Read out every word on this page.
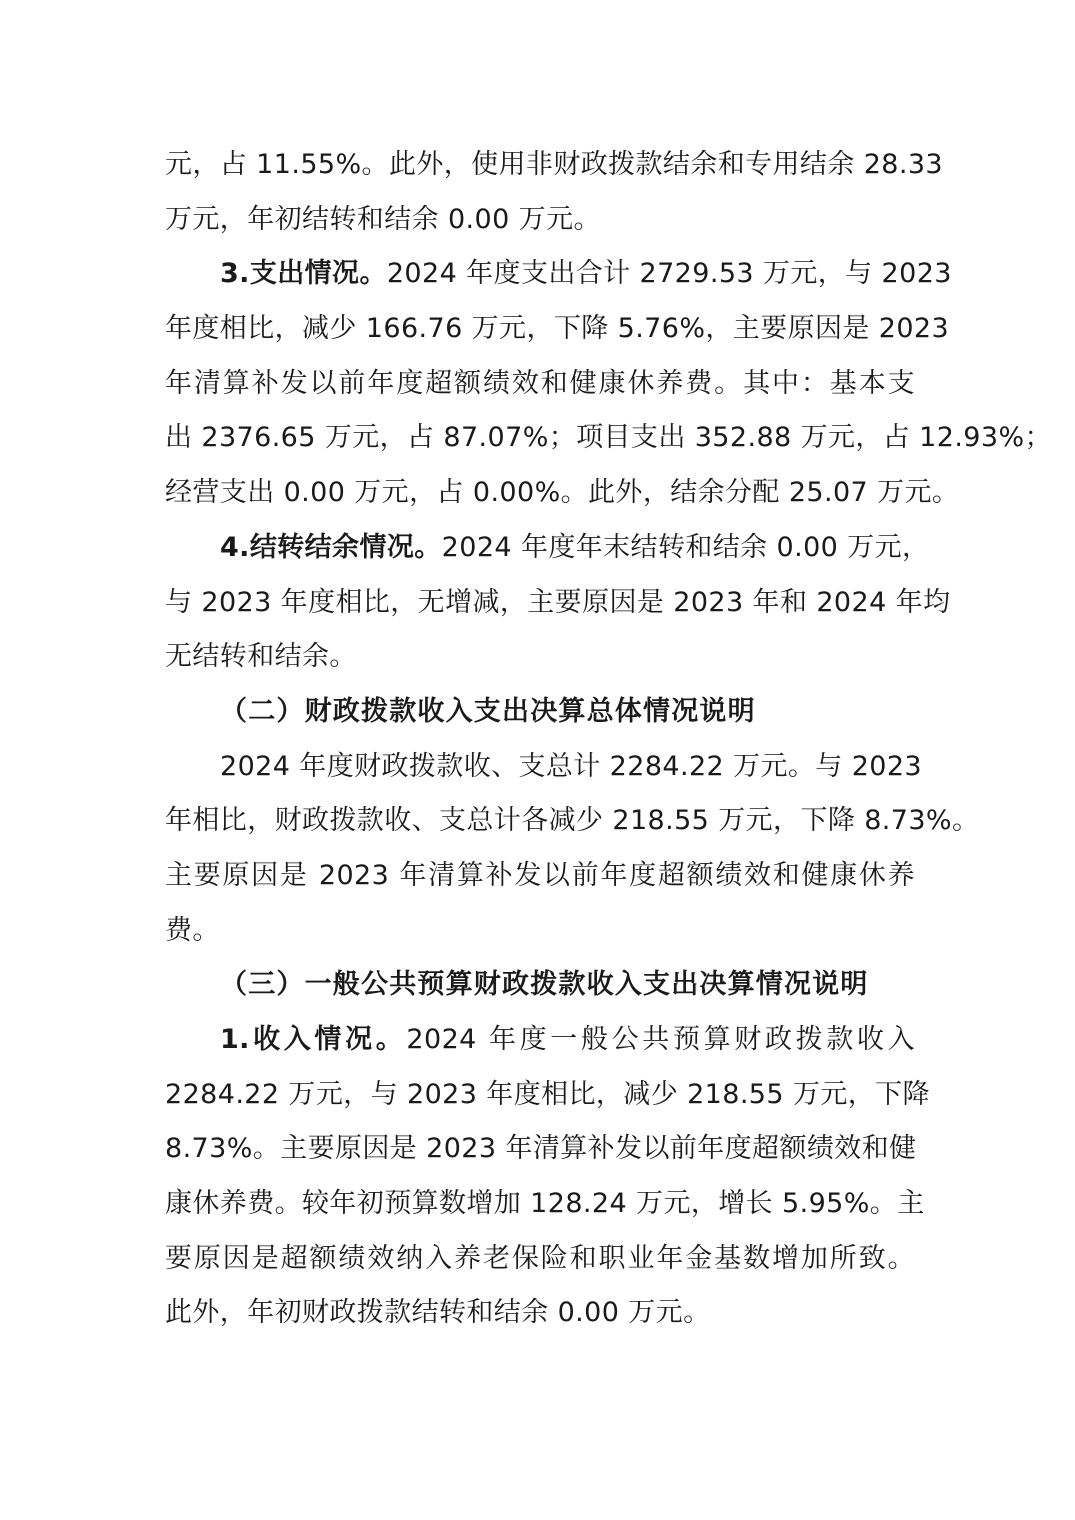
元，占 11.55%。此外，使用非财政拨款结余和专用结余 28.33
万元，年初结转和结余 0.00 万元。
3.支出情况。2024 年度支出合计 2729.53 万元，与 2023
年度相比，减少 166.76 万元，下降 5.76%，主要原因是 2023
年清算补发以前年度超额绩效和健康休养费。其中：基本支
出 2376.65 万元，占 87.07%；项目支出 352.88 万元，占 12.93%；
经营支出 0.00 万元，占 0.00%。此外，结余分配 25.07 万元。
4.结转结余情况。2024 年度年末结转和结余 0.00 万元，
与 2023 年度相比，无增减，主要原因是 2023 年和 2024 年均
无结转和结余。
（二）财政拨款收入支出决算总体情况说明
2024 年度财政拨款收、支总计 2284.22 万元。与 2023
年相比，财政拨款收、支总计各减少 218.55 万元，下降 8.73%。
主要原因是 2023 年清算补发以前年度超额绩效和健康休养
费。
（三）一般公共预算财政拨款收入支出决算情况说明
1.收入情况。2024 年度一般公共预算财政拨款收入
2284.22 万元，与 2023 年度相比，减少 218.55 万元，下降
8.73%。主要原因是 2023 年清算补发以前年度超额绩效和健
康休养费。较年初预算数增加 128.24 万元，增长 5.95%。主
要原因是超额绩效纳入养老保险和职业年金基数增加所致。
此外，年初财政拨款结转和结余 0.00 万元。
